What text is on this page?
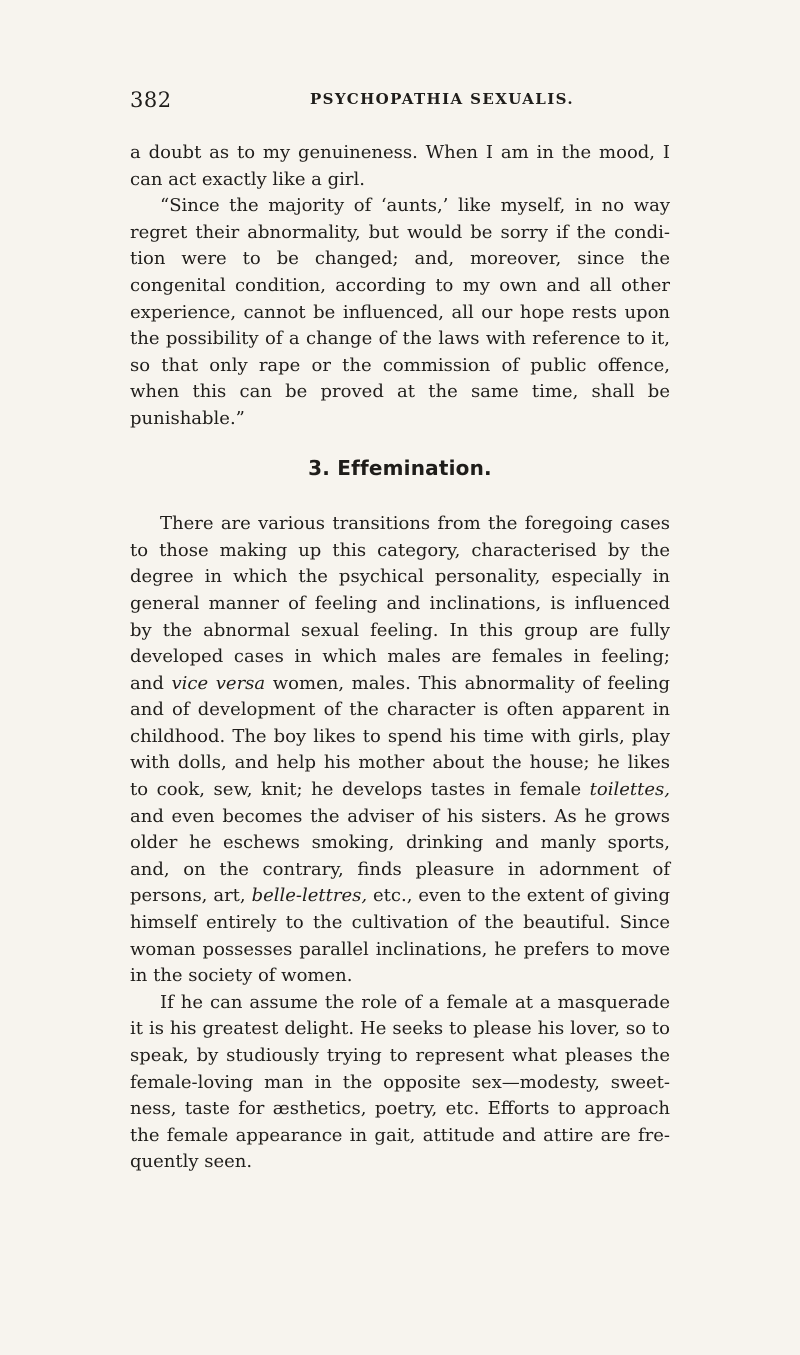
382	PSYCHOPATHIA SEXUALIS.

a doubt as to my genuineness. When I am in the mood, I can act exactly like a girl.

“Since the majority of ‘aunts,’ like myself, in no way regret their abnormality, but would be sorry if the condition were to be changed; and, moreover, since the congenital condition, according to my own and all other experience, cannot be influenced, all our hope rests upon the possibility of a change of the laws with reference to it, so that only rape or the commission of public offence, when this can be proved at the same time, shall be punishable.”

3. Effemination.

There are various transitions from the foregoing cases to those making up this category, characterised by the degree in which the psychical personality, especially in general manner of feeling and inclinations, is influenced by the abnormal sexual feeling. In this group are fully developed cases in which males are females in feeling; and vice versa women, males. This abnormality of feeling and of development of the character is often apparent in childhood. The boy likes to spend his time with girls, play with dolls, and help his mother about the house; he likes to cook, sew, knit; he develops tastes in female toilettes, and even becomes the adviser of his sisters. As he grows older he eschews smoking, drinking and manly sports, and, on the contrary, finds pleasure in adornment of persons, art, belle-lettres, etc., even to the extent of giving himself entirely to the cultivation of the beautiful. Since woman possesses parallel inclinations, he prefers to move in the society of women.

If he can assume the role of a female at a masquerade it is his greatest delight. He seeks to please his lover, so to speak, by studiously trying to represent what pleases the female-loving man in the opposite sex—modesty, sweetness, taste for æsthetics, poetry, etc. Efforts to approach the female appearance in gait, attitude and attire are frequently seen.
